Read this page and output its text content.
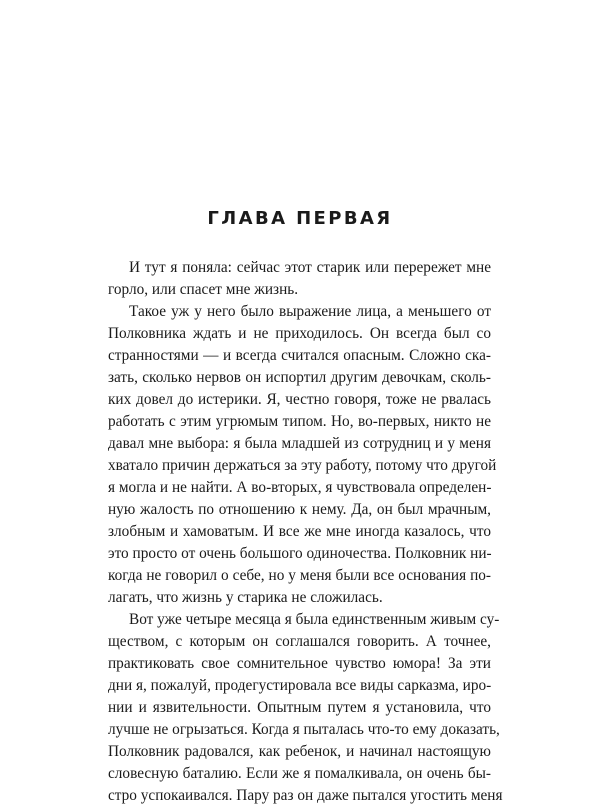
ГЛАВА ПЕРВАЯ
И тут я поняла: сейчас этот старик или перережет мне
горло, или спасет мне жизнь.
Такое уж у него было выражение лица, а меньшего от
Полковника ждать и не приходилось. Он всегда был со
странностями — и всегда считался опасным. Сложно ска-
зать, сколько нервов он испортил другим девочкам, сколь-
ких довел до истерики. Я, честно говоря, тоже не рвалась
работать с этим угрюмым типом. Но, во-первых, никто не
давал мне выбора: я была младшей из сотрудниц и у меня
хватало причин держаться за эту работу, потому что другой
я могла и не найти. А во-вторых, я чувствовала определен-
ную жалость по отношению к нему. Да, он был мрачным,
злобным и хамоватым. И все же мне иногда казалось, что
это просто от очень большого одиночества. Полковник ни-
когда не говорил о себе, но у меня были все основания по-
лагать, что жизнь у старика не сложилась.
Вот уже четыре месяца я была единственным живым су-
ществом, с которым он соглашался говорить. А точнее,
практиковать свое сомнительное чувство юмора! За эти
дни я, пожалуй, продегустировала все виды сарказма, иро-
нии и язвительности. Опытным путем я установила, что
лучше не огрызаться. Когда я пыталась что-то ему доказать,
Полковник радовался, как ребенок, и начинал настоящую
словесную баталию. Если же я помалкивала, он очень бы-
стро успокаивался. Пару раз он даже пытался угостить меня
